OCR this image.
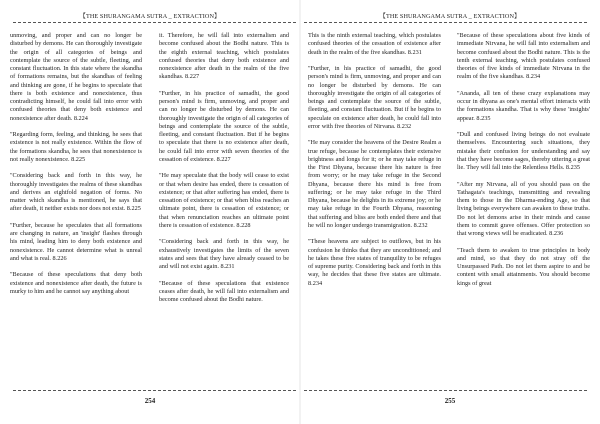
【THE SHURANGAMA SUTRA _ EXTRACTION】

unmoving, and proper and can no longer be disturbed by demons. He can thoroughly investigate the origin of all categories of beings and contemplate the source of the subtle, fleeting, and constant fluctuation. In this state where the skandha of formations remains, but the skandhas of feeling and thinking are gone, if he begins to speculate that there is both existence and nonexistence, thus contradicting himself, he could fall into error with confused theories that deny both existence and nonexistence after death. 8.224

"Regarding form, feeling, and thinking, he sees that existence is not really existence. Within the flow of the formations skandha, he sees that nonexistence is not really nonexistence. 8.225

"Considering back and forth in this way, he thoroughly investigates the realms of these skandhas and derives an eightfold negation of forms. No matter which skandha is mentioned, he says that after death, it neither exists nor does not exist. 8.225

"Further, because he speculates that all formations are changing in nature, an 'insight' flashes through his mind, leading him to deny both existence and nonexistence. He cannot determine what is unreal and what is real. 8.226

"Because of these speculations that deny both existence and nonexistence after death, the future is murky to him and he cannot say anything about

it. Therefore, he will fall into externalism and become confused about the Bodhi nature. This is the eighth external teaching, which postulates confused theories that deny both existence and nonexistence after death in the realm of the five skandhas. 8.227

"Further, in his practice of samadhi, the good person's mind is firm, unmoving, and proper and can no longer be disturbed by demons. He can thoroughly investigate the origin of all categories of beings and contemplate the source of the subtle, fleeting, and constant fluctuation. But if he begins to speculate that there is no existence after death, he could fall into error with seven theories of the cessation of existence. 8.227

"He may speculate that the body will cease to exist or that when desire has ended, there is cessation of existence; or that after suffering has ended, there is cessation of existence; or that when bliss reaches an ultimate point, there is cessation of existence; or that when renunciation reaches an ultimate point there is cessation of existence. 8.228

"Considering back and forth in this way, he exhaustively investigates the limits of the seven states and sees that they have already ceased to be and will not exist again. 8.231

"Because of these speculations that existence ceases after death, he will fall into externalism and become confused about the Bodhi nature.

254
【THE SHURANGAMA SUTRA _ EXTRACTION】

This is the ninth external teaching, which postulates confused theories of the cessation of existence after death in the realm of the five skandhas. 8.231

"Further, in his practice of samadhi, the good person's mind is firm, unmoving, and proper and can no longer be disturbed by demons. He can thoroughly investigate the origin of all categories of beings and contemplate the source of the subtle, fleeting, and constant fluctuation. But if he begins to speculate on existence after death, he could fall into error with five theories of Nirvana. 8.232

"He may consider the heavens of the Desire Realm a true refuge, because he contemplates their extensive brightness and longs for it; or he may take refuge in the First Dhyana, because there his nature is free from worry; or he may take refuge in the Second Dhyana, because there his mind is free from suffering; or he may take refuge in the Third Dhyana, because he delights in its extreme joy; or he may take refuge in the Fourth Dhyana, reasoning that suffering and bliss are both ended there and that he will no longer undergo transmigration. 8.232

"These heavens are subject to outflows, but in his confusion he thinks that they are unconditioned; and he takes these five states of tranquility to be refuges of supreme purity. Considering back and forth in this way, he decides that these five states are ultimate. 8.234

"Because of these speculations about five kinds of immediate Nirvana, he will fall into externalism and become confused about the Bodhi nature. This is the tenth external teaching, which postulates confused theories of five kinds of immediate Nirvana in the realm of the five skandhas. 8.234

"Ananda, all ten of these crazy explanations may occur in dhyana as one's mental effort interacts with the formations skandha. That is why these 'insights' appear. 8.235

"Dull and confused living beings do not evaluate themselves. Encountering such situations, they mistake their confusion for understanding and say that they have become sages, thereby uttering a great lie. They will fall into the Relentless Hells. 8.235

"After my Nirvana, all of you should pass on the Tathagata's teachings, transmitting and revealing them to those in the Dharma-ending Age, so that living beings everywhere can awaken to these truths. Do not let demons arise in their minds and cause them to commit grave offenses. Offer protection so that wrong views will be eradicated. 8.236

"Teach them to awaken to true principles in body and mind, so that they do not stray off the Unsurpassed Path. Do not let them aspire to and be content with small attainments. You should become kings of great

255
